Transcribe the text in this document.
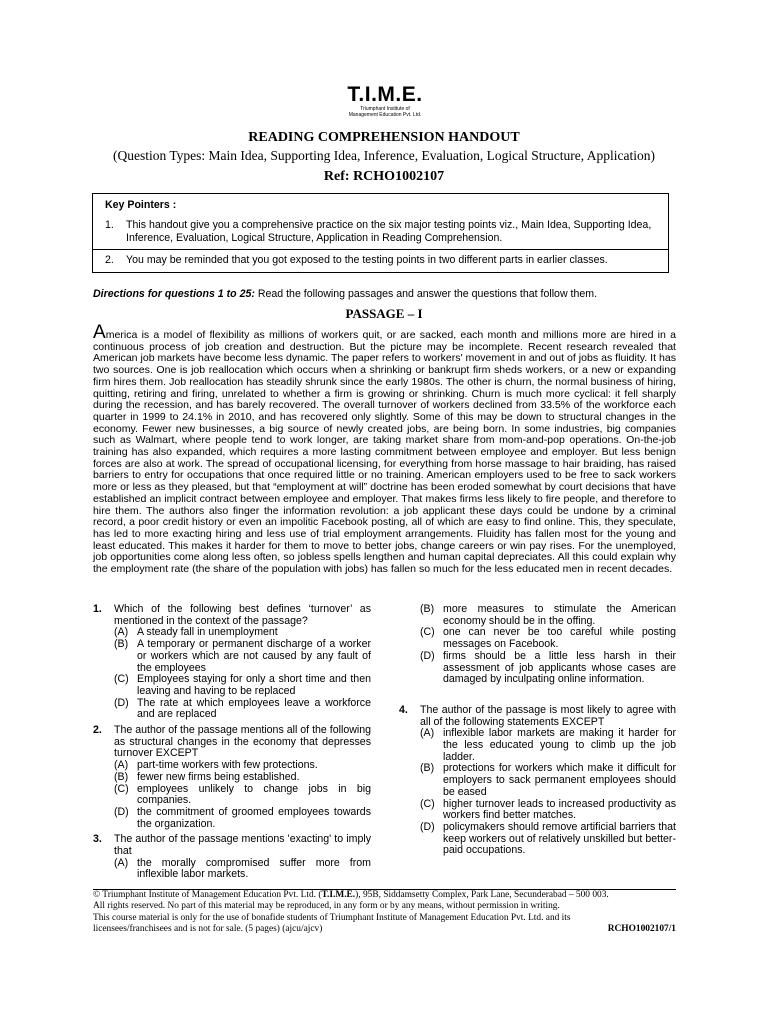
T.I.M.E.
Triumphant Institute of
Management Education Pvt. Ltd.
READING COMPREHENSION HANDOUT
(Question Types: Main Idea, Supporting Idea, Inference, Evaluation, Logical Structure, Application)
Ref: RCHO1002107
Key Pointers :
1. This handout give you a comprehensive practice on the six major testing points viz., Main Idea, Supporting Idea, Inference, Evaluation, Logical Structure, Application in Reading Comprehension.
2. You may be reminded that you got exposed to the testing points in two different parts in earlier classes.
Directions for questions 1 to 25: Read the following passages and answer the questions that follow them.
PASSAGE – I
America is a model of flexibility as millions of workers quit, or are sacked, each month and millions more are hired in a continuous process of job creation and destruction. But the picture may be incomplete. Recent research revealed that American job markets have become less dynamic. The paper refers to workers' movement in and out of jobs as fluidity. It has two sources. One is job reallocation which occurs when a shrinking or bankrupt firm sheds workers, or a new or expanding firm hires them. Job reallocation has steadily shrunk since the early 1980s. The other is churn, the normal business of hiring, quitting, retiring and firing, unrelated to whether a firm is growing or shrinking. Churn is much more cyclical: it fell sharply during the recession, and has barely recovered. The overall turnover of workers declined from 33.5% of the workforce each quarter in 1999 to 24.1% in 2010, and has recovered only slightly. Some of this may be down to structural changes in the economy. Fewer new businesses, a big source of newly created jobs, are being born. In some industries, big companies such as Walmart, where people tend to work longer, are taking market share from mom-and-pop operations. On-the-job training has also expanded, which requires a more lasting commitment between employee and employer. But less benign forces are also at work. The spread of occupational licensing, for everything from horse massage to hair braiding, has raised barriers to entry for occupations that once required little or no training. American employers used to be free to sack workers more or less as they pleased, but that “employment at will” doctrine has been eroded somewhat by court decisions that have established an implicit contract between employee and employer. That makes firms less likely to fire people, and therefore to hire them. The authors also finger the information revolution: a job applicant these days could be undone by a criminal record, a poor credit history or even an impolitic Facebook posting, all of which are easy to find online. This, they speculate, has led to more exacting hiring and less use of trial employment arrangements. Fluidity has fallen most for the young and least educated. This makes it harder for them to move to better jobs, change careers or win pay rises. For the unemployed, job opportunities come along less often, so jobless spells lengthen and human capital depreciates. All this could explain why the employment rate (the share of the population with jobs) has fallen so much for the less educated men in recent decades.
1. Which of the following best defines ‘turnover’ as mentioned in the context of the passage?
(A) A steady fall in unemployment
(B) A temporary or permanent discharge of a worker or workers which are not caused by any fault of the employees
(C) Employees staying for only a short time and then leaving and having to be replaced
(D) The rate at which employees leave a workforce and are replaced
2. The author of the passage mentions all of the following as structural changes in the economy that depresses turnover EXCEPT
(A) part-time workers with few protections.
(B) fewer new firms being established.
(C) employees unlikely to change jobs in big companies.
(D) the commitment of groomed employees towards the organization.
3. The author of the passage mentions 'exacting' to imply that
(A) the morally compromised suffer more from inflexible labor markets.
(B) more measures to stimulate the American economy should be in the offing.
(C) one can never be too careful while posting messages on Facebook.
(D) firms should be a little less harsh in their assessment of job applicants whose cases are damaged by inculpating online information.
4. The author of the passage is most likely to agree with all of the following statements EXCEPT
(A) inflexible labor markets are making it harder for the less educated young to climb up the job ladder.
(B) protections for workers which make it difficult for employers to sack permanent employees should be eased
(C) higher turnover leads to increased productivity as workers find better matches.
(D) policymakers should remove artificial barriers that keep workers out of relatively unskilled but better-paid occupations.
© Triumphant Institute of Management Education Pvt. Ltd. (T.I.M.E.), 95B, Siddamsetty Complex, Park Lane, Secunderabad – 500 003.
All rights reserved. No part of this material may be reproduced, in any form or by any means, without permission in writing.
This course material is only for the use of bonafide students of Triumphant Institute of Management Education Pvt. Ltd. and its
licensees/franchisees and is not for sale. (5 pages) (ajcu/ajcv)	RCHO1002107/1
